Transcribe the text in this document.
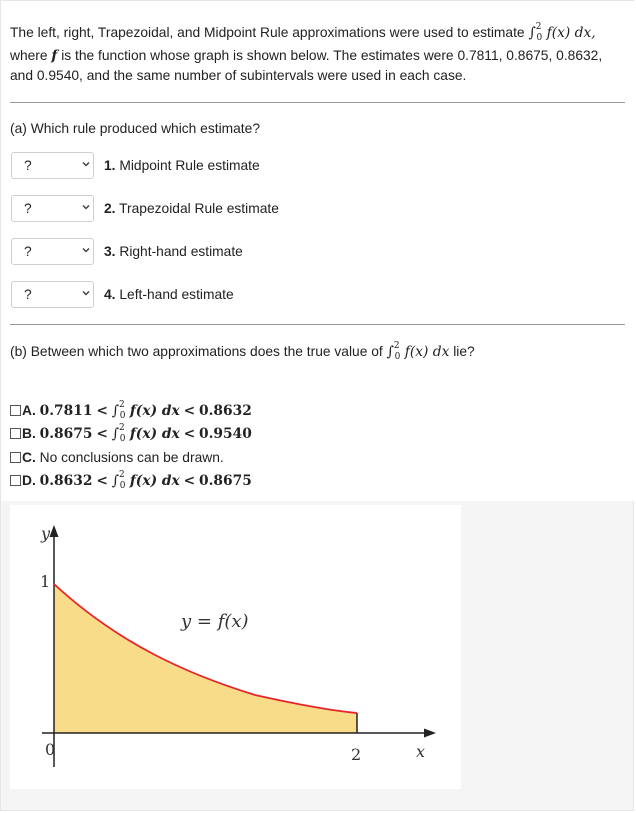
The left, right, Trapezoidal, and Midpoint Rule approximations were used to estimate ∫$^2_0$ f(x) dx,
where f is the function whose graph is shown below. The estimates were 0.7811, 0.8675, 0.8632,
and 0.9540, and the same number of subintervals were used in each case.
(a) Which rule produced which estimate?
?	1. Midpoint Rule estimate
?	2. Trapezoidal Rule estimate
?	3. Right-hand estimate
?	4. Left-hand estimate
(b) Between which two approximations does the true value of ∫$^2_0$ f(x) dx lie?
A. 0.7811 < ∫$^2_0$ f(x) dx < 0.8632
B. 0.8675 < ∫$^2_0$ f(x) dx < 0.9540
C. No conclusions can be drawn.
D. 0.8632 < ∫$^2_0$ f(x) dx < 0.8675
y
1
0	2	x
y = f(x)
